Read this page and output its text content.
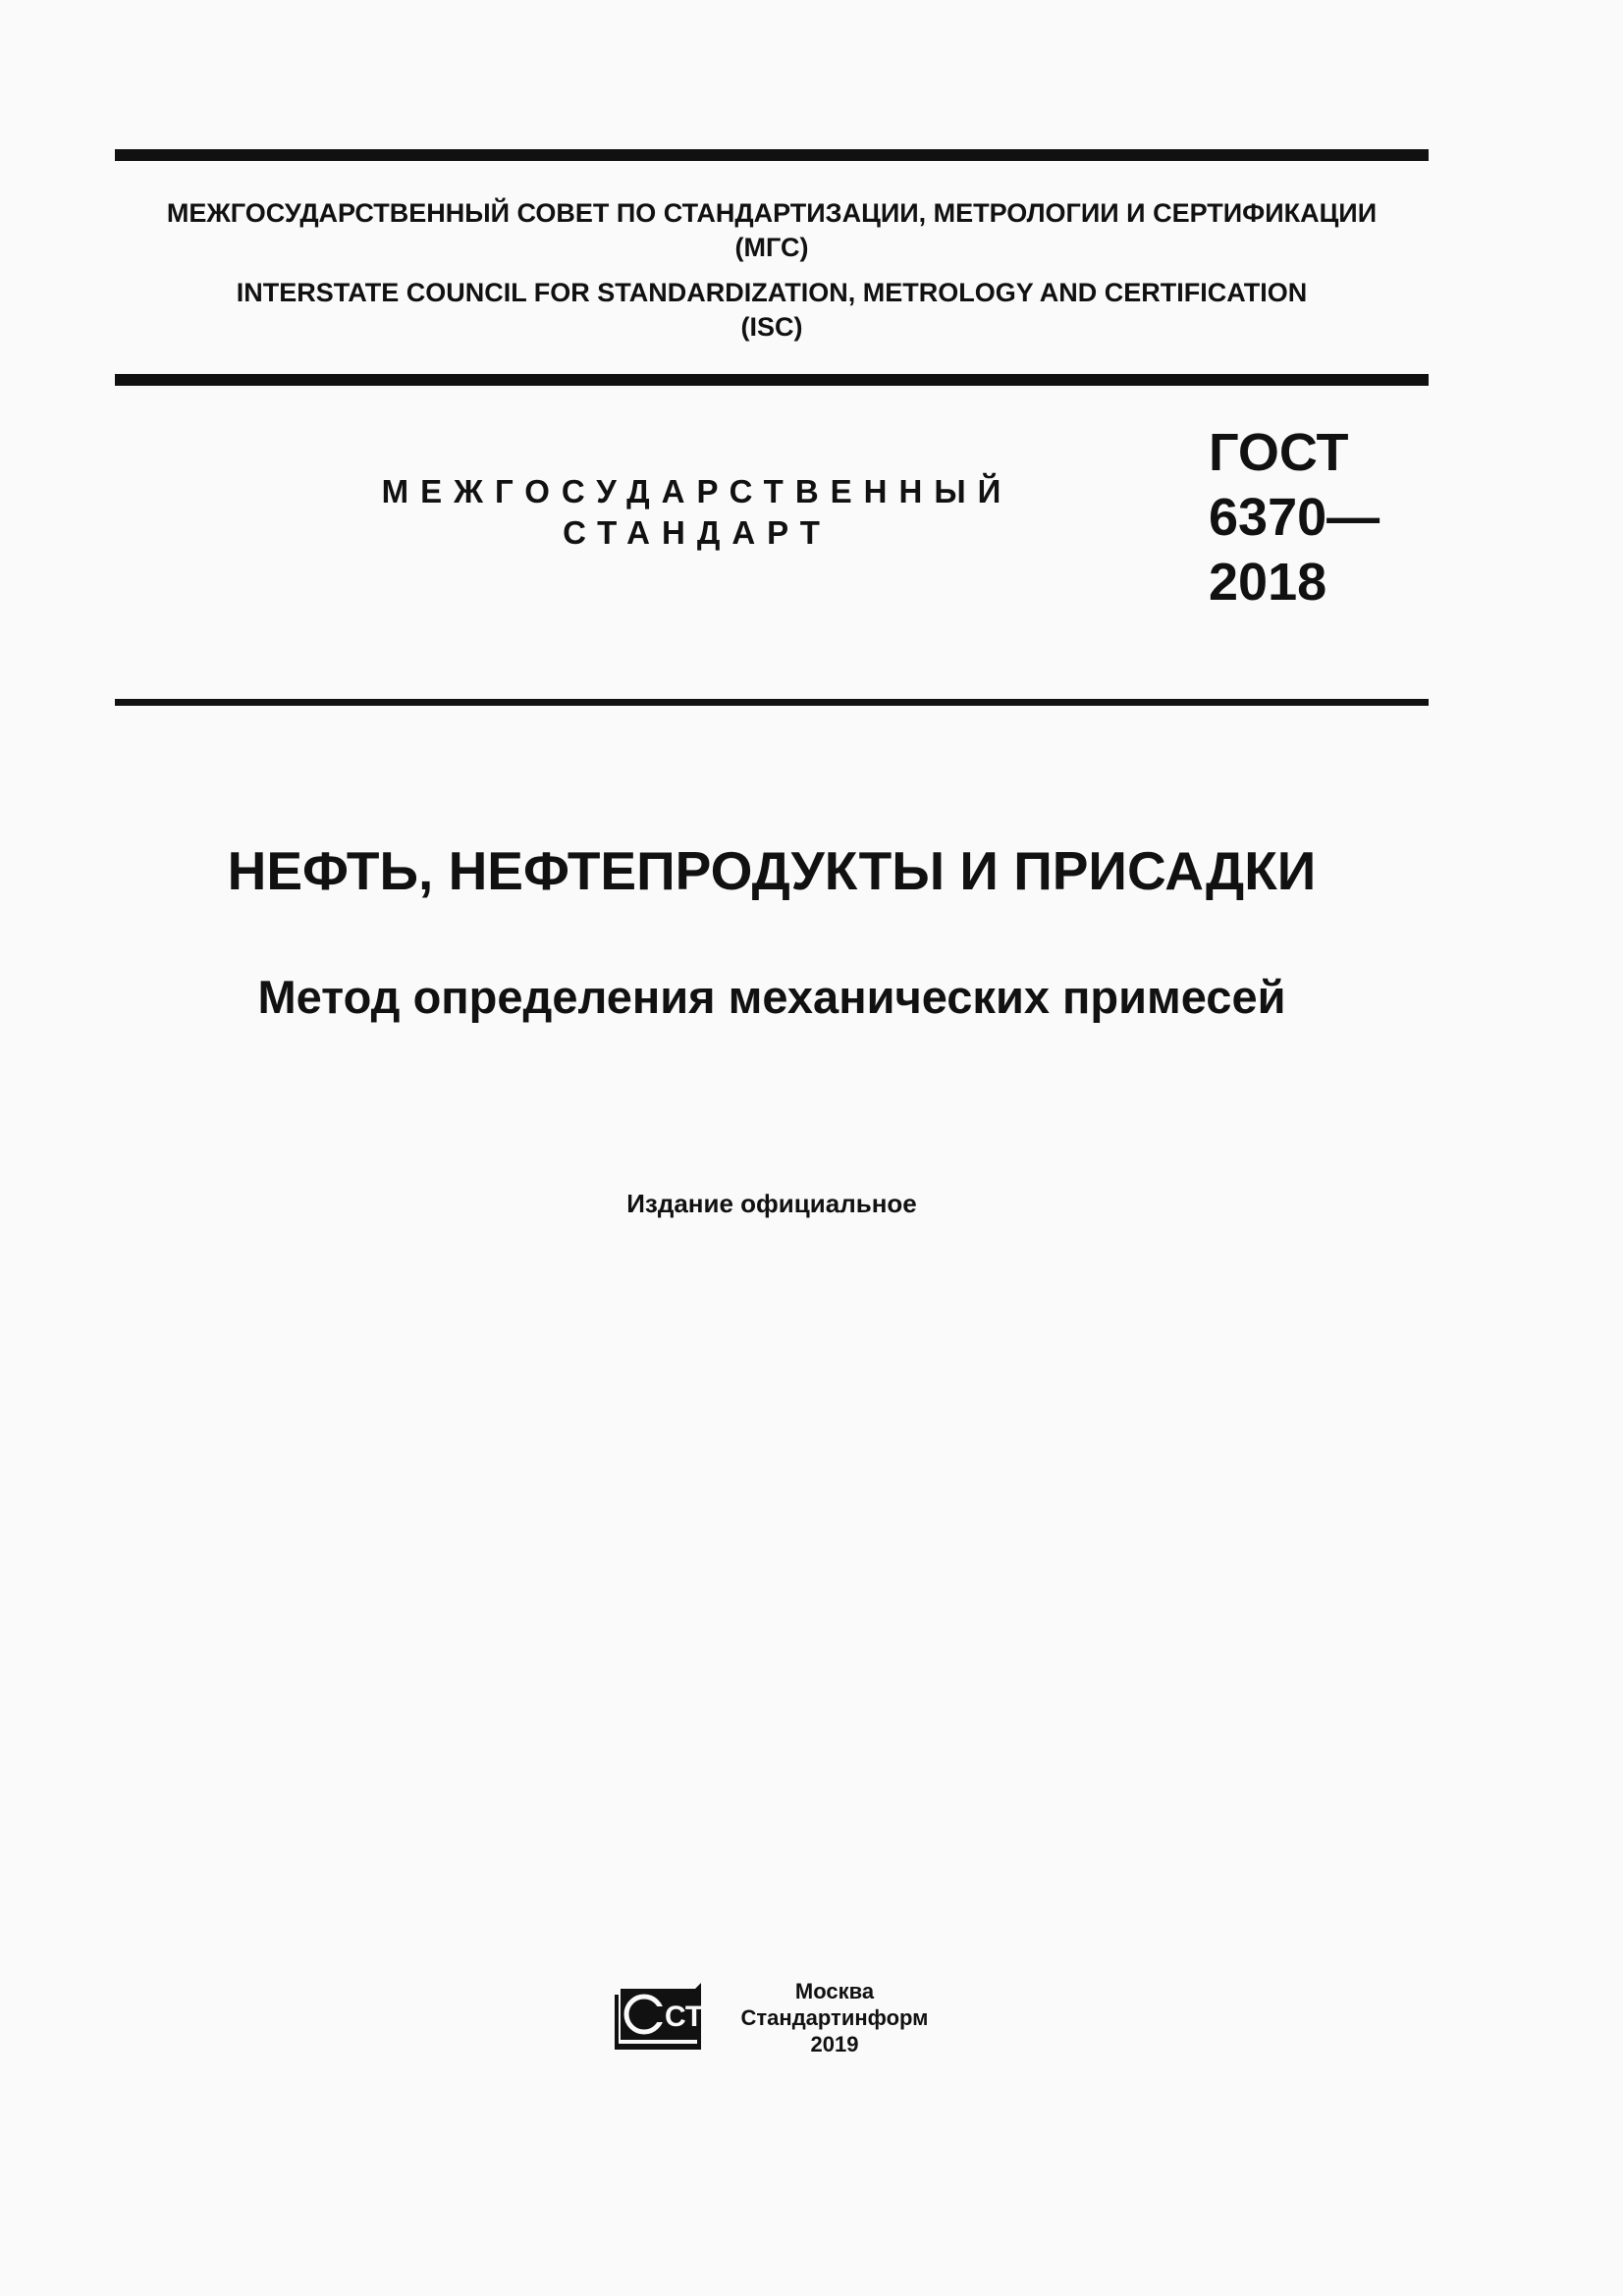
МЕЖГОСУДАРСТВЕННЫЙ СОВЕТ ПО СТАНДАРТИЗАЦИИ, МЕТРОЛОГИИ И СЕРТИФИКАЦИИ
(МГС)
INTERSTATE COUNCIL FOR STANDARDIZATION, METROLOGY AND CERTIFICATION
(ISC)
МЕЖГОСУДАРСТВЕННЫЙ
СТАНДАРТ
ГОСТ
6370—
2018
НЕФТЬ, НЕФТЕПРОДУКТЫ И ПРИСАДКИ
Метод определения механических примесей
Издание официальное
СТИ
Москва
Стандартинформ
2019
